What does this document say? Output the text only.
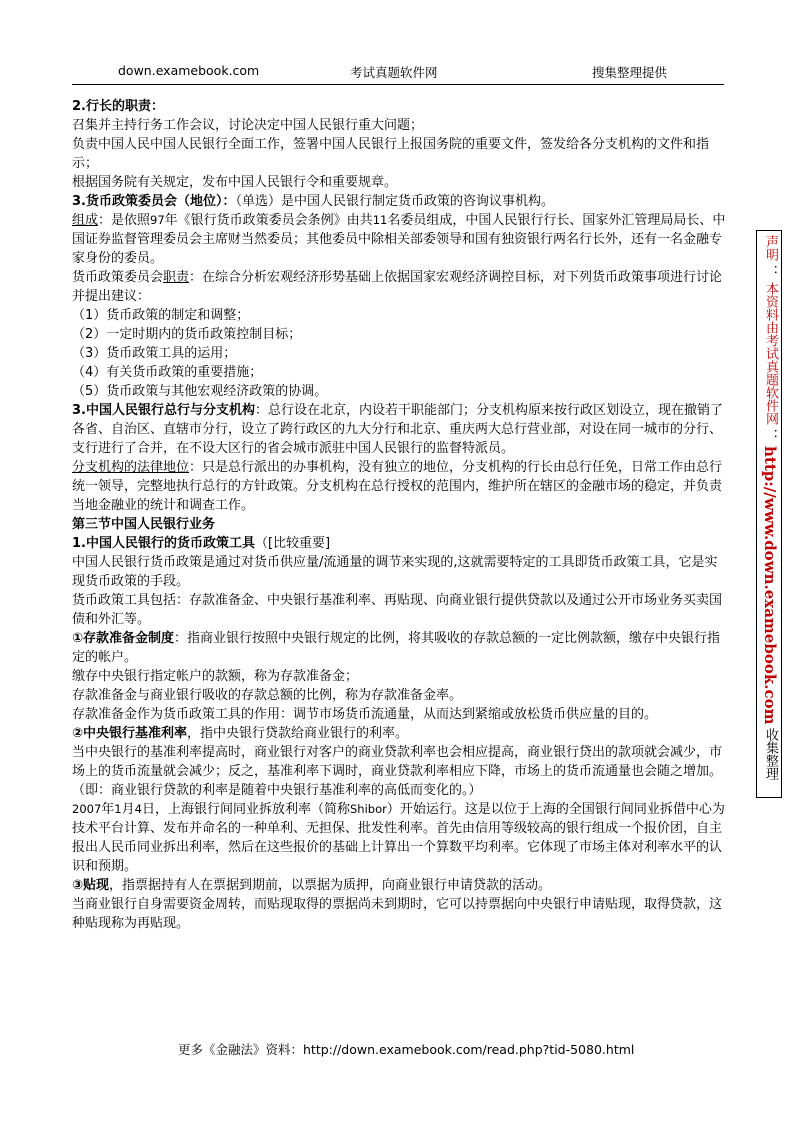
down.examebook.com	考试真题软件网	搜集整理提供

2.行长的职责：

召集并主持行务工作会议，讨论决定中国人民银行重大问题；

负责中国人民中国人民银行全面工作，签署中国人民银行上报国务院的重要文件，签发给各分支机构的文件和指示；

根据国务院有关规定，发布中国人民银行令和重要规章。

3.货币政策委员会（地位）：（单选）是中国人民银行制定货币政策的咨询议事机构。

组成：是依照97年《银行货币政策委员会条例》由共11名委员组成，中国人民银行行长、国家外汇管理局局长、中国证券监督管理委员会主席财当然委员；其他委员中除相关部委领导和国有独资银行两名行长外，还有一名金融专家身份的委员。

货币政策委员会职责：在综合分析宏观经济形势基础上依据国家宏观经济调控目标，对下列货币政策事项进行讨论并提出建议：

（1）货币政策的制定和调整；

（2）一定时期内的货币政策控制目标；

（3）货币政策工具的运用；

（4）有关货币政策的重要措施；

（5）货币政策与其他宏观经济政策的协调。

3.中国人民银行总行与分支机构：总行设在北京，内设若干职能部门；分支机构原来按行政区划设立，现在撤销了各省、自治区、直辖市分行，设立了跨行政区的九大分行和北京、重庆两大总行营业部，对设在同一城市的分行、支行进行了合并，在不设大区行的省会城市派驻中国人民银行的监督特派员。

分支机构的法律地位：只是总行派出的办事机构，没有独立的地位，分支机构的行长由总行任免，日常工作由总行统一领导，完整地执行总行的方针政策。分支机构在总行授权的范围内，维护所在辖区的金融市场的稳定，并负责当地金融业的统计和调查工作。

第三节中国人民银行业务

1.中国人民银行的货币政策工具（[比较重要]

中国人民银行货币政策是通过对货币供应量/流通量的调节来实现的,这就需要特定的工具即货币政策工具，它是实现货币政策的手段。

货币政策工具包括：存款准备金、中央银行基准利率、再贴现、向商业银行提供贷款以及通过公开市场业务买卖国债和外汇等。

①存款准备金制度：指商业银行按照中央银行规定的比例，将其吸收的存款总额的一定比例款额，缴存中央银行指定的帐户。

缴存中央银行指定帐户的款额，称为存款准备金；

存款准备金与商业银行吸收的存款总额的比例，称为存款准备金率。

存款准备金作为货币政策工具的作用：调节市场货币流通量，从而达到紧缩或放松货币供应量的目的。

②中央银行基准利率，指中央银行贷款给商业银行的利率。

当中央银行的基准利率提高时，商业银行对客户的商业贷款利率也会相应提高，商业银行贷出的款项就会减少，市场上的货币流量就会减少；反之，基准利率下调时，商业贷款利率相应下降，市场上的货币流通量也会随之增加。（即：商业银行贷款的利率是随着中央银行基准利率的高低而变化的。）

2007年1月4日，上海银行间同业拆放利率（简称Shibor）开始运行。这是以位于上海的全国银行间同业拆借中心为技术平台计算、发布并命名的一种单利、无担保、批发性利率。首先由信用等级较高的银行组成一个报价团，自主报出人民币同业拆出利率，然后在这些报价的基础上计算出一个算数平均利率。它体现了市场主体对利率水平的认识和预期。

③贴现，指票据持有人在票据到期前，以票据为质押，向商业银行申请贷款的活动。

当商业银行自身需要资金周转，而贴现取得的票据尚未到期时，它可以持票据向中央银行申请贴现，取得贷款，这种贴现称为再贴现。

声明
： 本资料由考试真题软件网 ： http://www.down.examebook.com 收集整理
更多《金融法》资料：http://down.examebook.com/read.php?tid-5080.html
